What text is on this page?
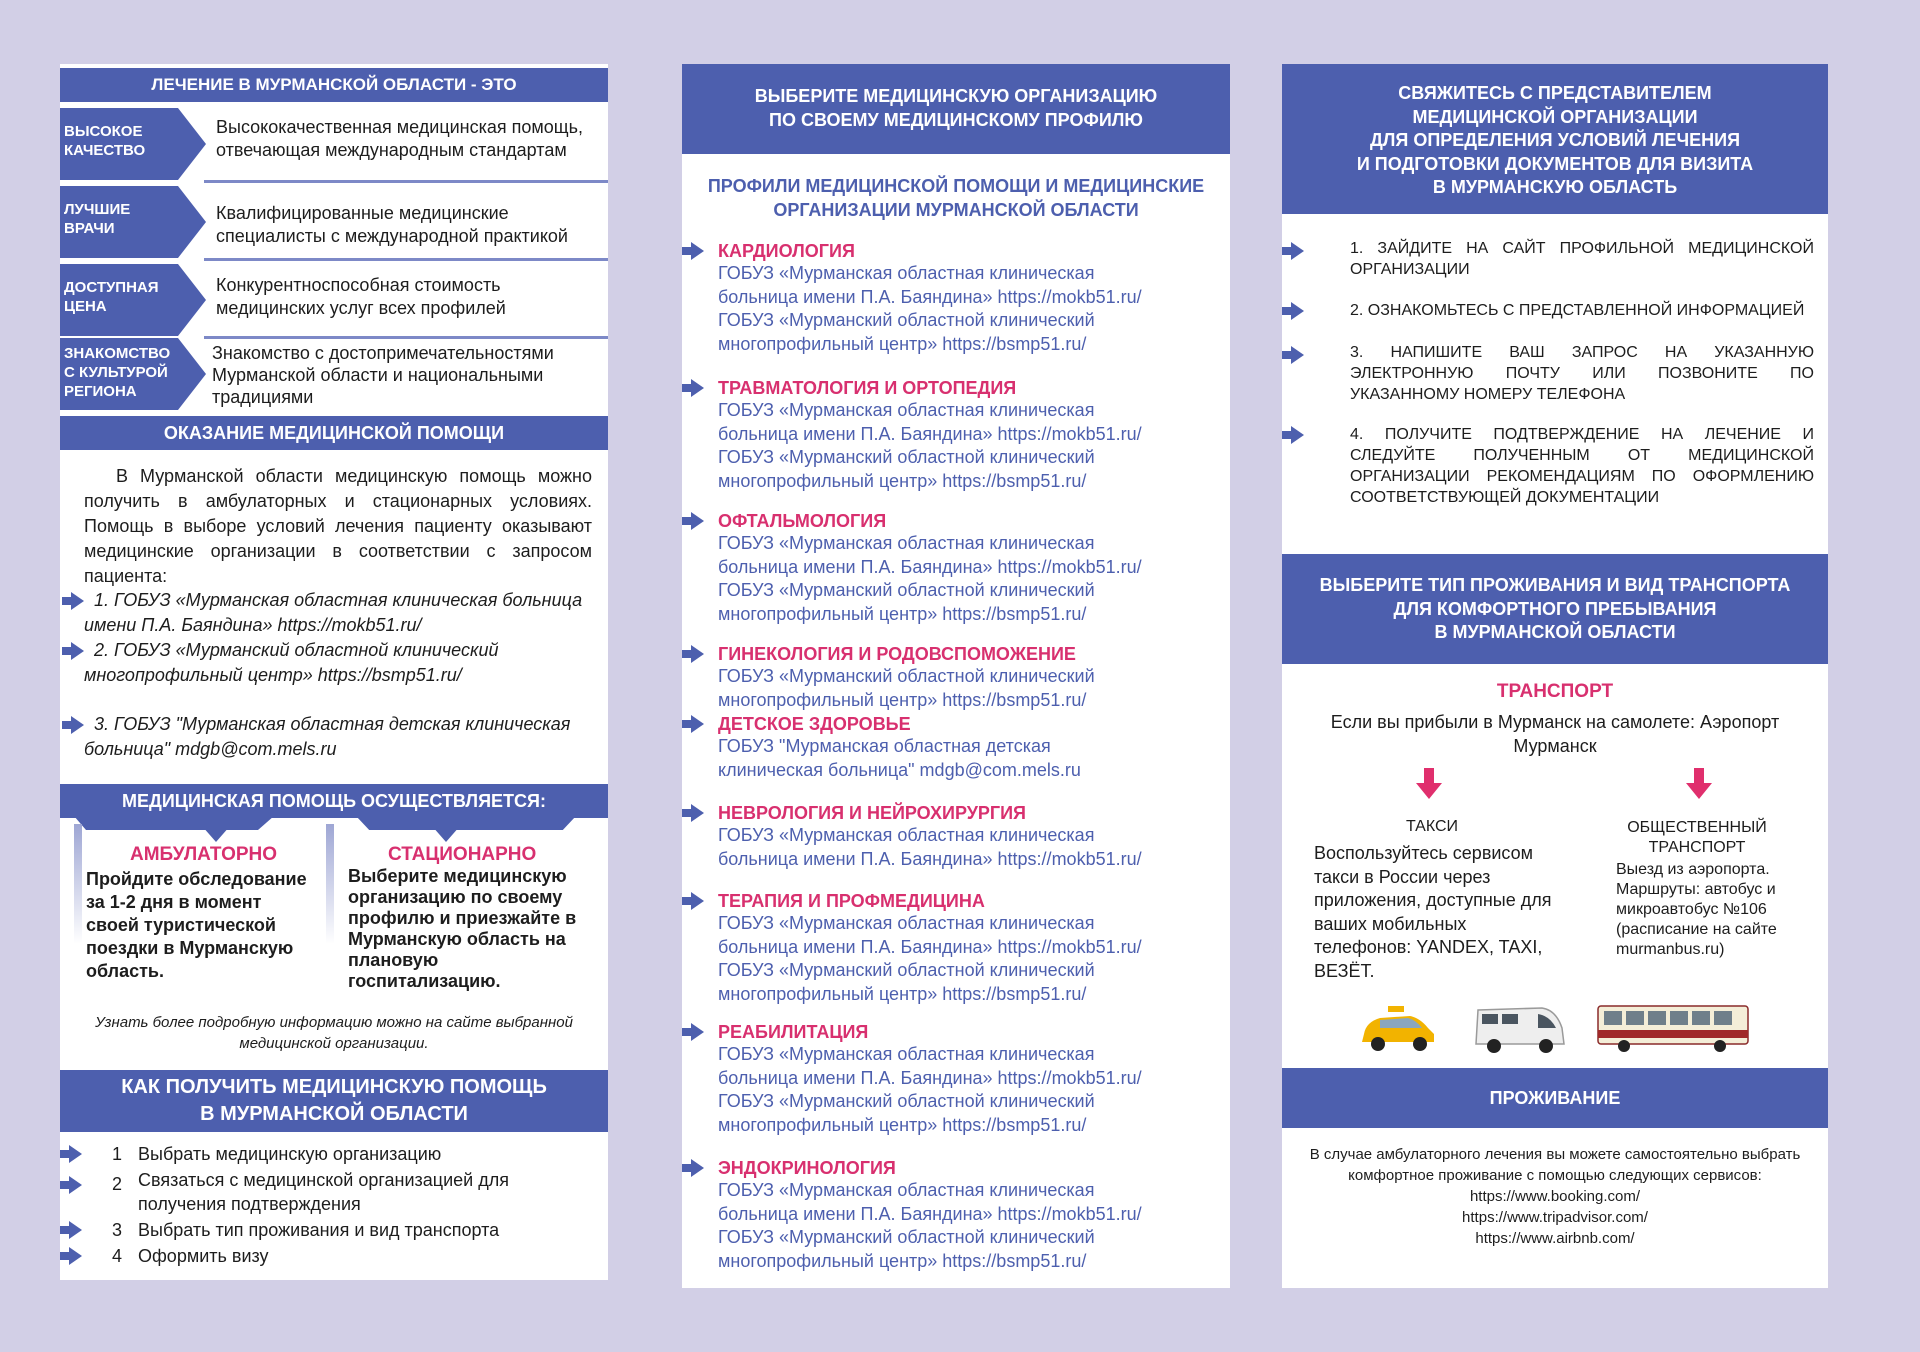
ЛЕЧЕНИЕ В МУРМАНСКОЙ ОБЛАСТИ - ЭТО
ВЫСОКОЕ
КАЧЕСТВО
Высококачественная медицинская помощь, отвечающая международным стандартам
ЛУЧШИЕ
ВРАЧИ
Квалифицированные медицинские специалисты с международной практикой
ДОСТУПНАЯ
ЦЕНА
Конкурентноспособная стоимость медицинских услуг всех профилей
ЗНАКОМСТВО
С КУЛЬТУРОЙ
РЕГИОНА
Знакомство с достопримечательностями Мурманской области и национальными традициями
ОКАЗАНИЕ МЕДИЦИНСКОЙ ПОМОЩИ
В Мурманской области медицинскую помощь можно получить в амбулаторных и стационарных условиях. Помощь в выборе условий лечения пациенту оказывают медицинские организации в соответствии с запросом пациента:
1. ГОБУЗ «Мурманская областная клиническая больница имени П.А. Баяндина» https://mokb51.ru/
2. ГОБУЗ «Мурманский областной клинический многопрофильный центр» https://bsmp51.ru/
3. ГОБУЗ "Мурманская областная детская клиническая больница" mdgb@com.mels.ru
МЕДИЦИНСКАЯ ПОМОЩЬ ОСУЩЕСТВЛЯЕТСЯ:
АМБУЛАТОРНО
Пройдите обследование за 1-2 дня в момент своей туристической поездки в Мурманскую область.
СТАЦИОНАРНО
Выберите медицинскую организацию по своему профилю и приезжайте в Мурманскую область на плановую госпитализацию.
Узнать более подробную информацию можно на сайте выбранной медицинской организации.
КАК ПОЛУЧИТЬ МЕДИЦИНСКУЮ ПОМОЩЬ
В МУРМАНСКОЙ ОБЛАСТИ
1 Выбрать медицинскую организацию
2 Связаться с медицинской организацией для получения подтверждения
3 Выбрать тип проживания и вид транспорта
4 Оформить визу
ВЫБЕРИТЕ МЕДИЦИНСКУЮ ОРГАНИЗАЦИЮ
ПО СВОЕМУ МЕДИЦИНСКОМУ ПРОФИЛЮ
ПРОФИЛИ МЕДИЦИНСКОЙ ПОМОЩИ И МЕДИЦИНСКИЕ
ОРГАНИЗАЦИИ МУРМАНСКОЙ ОБЛАСТИ
КАРДИОЛОГИЯ
ГОБУЗ «Мурманская областная клиническая
больница имени П.А. Баяндина» https://mokb51.ru/
ГОБУЗ «Мурманский областной клинический
многопрофильный центр» https://bsmp51.ru/
ТРАВМАТОЛОГИЯ И ОРТОПЕДИЯ
ГОБУЗ «Мурманская областная клиническая
больница имени П.А. Баяндина» https://mokb51.ru/
ГОБУЗ «Мурманский областной клинический
многопрофильный центр» https://bsmp51.ru/
ОФТАЛЬМОЛОГИЯ
ГОБУЗ «Мурманская областная клиническая
больница имени П.А. Баяндина» https://mokb51.ru/
ГОБУЗ «Мурманский областной клинический
многопрофильный центр» https://bsmp51.ru/
ГИНЕКОЛОГИЯ И РОДОВСПОМОЖЕНИЕ
ГОБУЗ «Мурманский областной клинический
многопрофильный центр» https://bsmp51.ru/
ДЕТСКОЕ ЗДОРОВЬЕ
ГОБУЗ "Мурманская областная детская
клиническая больница" mdgb@com.mels.ru
НЕВРОЛОГИЯ И НЕЙРОХИРУРГИЯ
ГОБУЗ «Мурманская областная клиническая
больница имени П.А. Баяндина» https://mokb51.ru/
ТЕРАПИЯ И ПРОФМЕДИЦИНА
ГОБУЗ «Мурманская областная клиническая
больница имени П.А. Баяндина» https://mokb51.ru/
ГОБУЗ «Мурманский областной клинический
многопрофильный центр» https://bsmp51.ru/
РЕАБИЛИТАЦИЯ
ГОБУЗ «Мурманская областная клиническая
больница имени П.А. Баяндина» https://mokb51.ru/
ГОБУЗ «Мурманский областной клинический
многопрофильный центр» https://bsmp51.ru/
ЭНДОКРИНОЛОГИЯ
ГОБУЗ «Мурманская областная клиническая
больница имени П.А. Баяндина» https://mokb51.ru/
ГОБУЗ «Мурманский областной клинический
многопрофильный центр» https://bsmp51.ru/
СВЯЖИТЕСЬ С ПРЕДСТАВИТЕЛЕМ
МЕДИЦИНСКОЙ ОРГАНИЗАЦИИ
ДЛЯ ОПРЕДЕЛЕНИЯ УСЛОВИЙ ЛЕЧЕНИЯ
И ПОДГОТОВКИ ДОКУМЕНТОВ ДЛЯ ВИЗИТА
В МУРМАНСКУЮ ОБЛАСТЬ
1. ЗАЙДИТЕ НА САЙТ ПРОФИЛЬНОЙ МЕДИЦИНСКОЙ ОРГАНИЗАЦИИ
2. ОЗНАКОМЬТЕСЬ С ПРЕДСТАВЛЕННОЙ ИНФОРМАЦИЕЙ
3. НАПИШИТЕ ВАШ ЗАПРОС НА УКАЗАННУЮ ЭЛЕКТРОННУЮ ПОЧТУ ИЛИ ПОЗВОНИТЕ ПО УКАЗАННОМУ НОМЕРУ ТЕЛЕФОНА
4. ПОЛУЧИТЕ ПОДТВЕРЖДЕНИЕ НА ЛЕЧЕНИЕ И СЛЕДУЙТЕ ПОЛУЧЕННЫМ ОТ МЕДИЦИНСКОЙ ОРГАНИЗАЦИИ РЕКОМЕНДАЦИЯМ ПО ОФОРМЛЕНИЮ СООТВЕТСТВУЮЩЕЙ ДОКУМЕНТАЦИИ
ВЫБЕРИТЕ ТИП ПРОЖИВАНИЯ И ВИД ТРАНСПОРТА
ДЛЯ КОМФОРТНОГО ПРЕБЫВАНИЯ
В МУРМАНСКОЙ ОБЛАСТИ
ТРАНСПОРТ
Если вы прибыли в Мурманск на самолете: Аэропорт Мурманск
ТАКСИ
Воспользуйтесь сервисом такси в России через приложения, доступные для ваших мобильных телефонов: YANDEX, TAXI, ВЕЗЁТ.
ОБЩЕСТВЕННЫЙ ТРАНСПОРТ
Выезд из аэропорта. Маршруты: автобус и микроавтобус №106 (расписание на сайте murmanbus.ru)
ПРОЖИВАНИЕ
В случае амбулаторного лечения вы можете самостоятельно выбрать комфортное проживание с помощью следующих сервисов:
https://www.booking.com/
https://www.tripadvisor.com/
https://www.airbnb.com/
